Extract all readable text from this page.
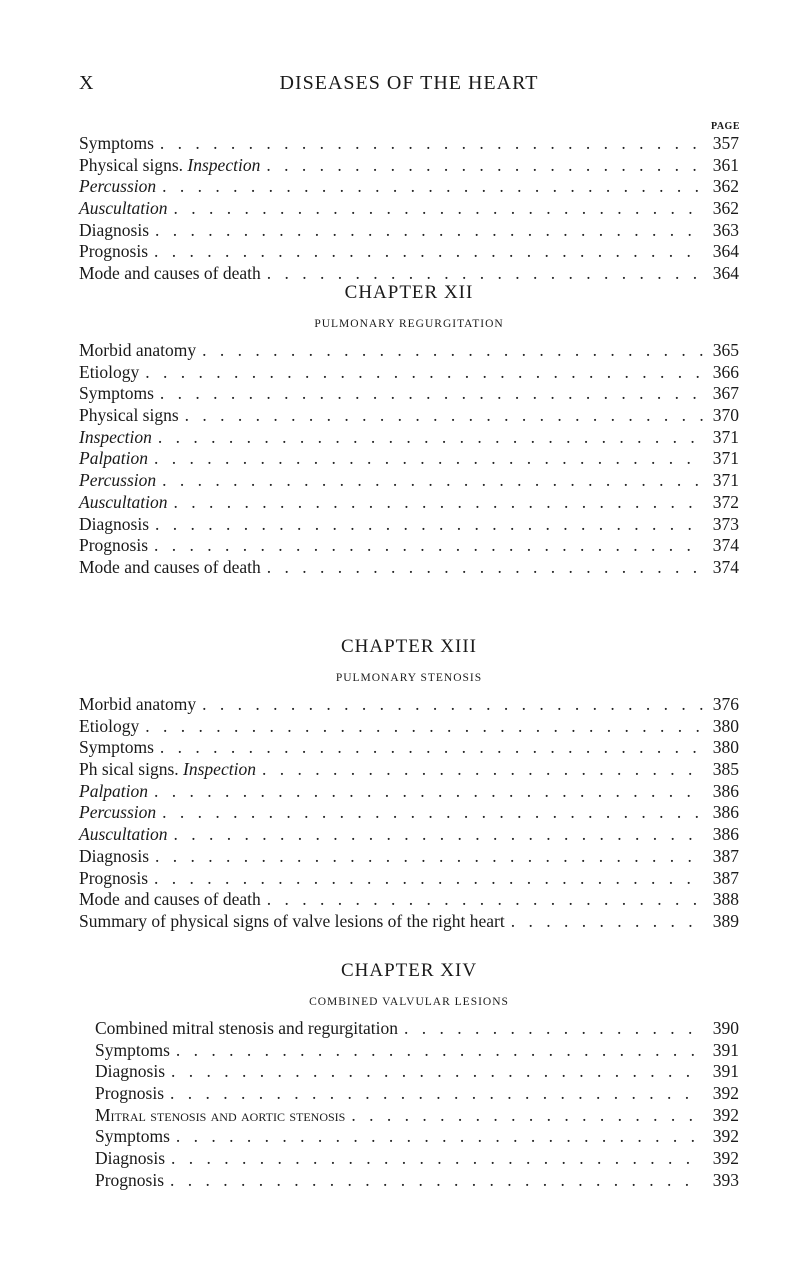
X	DISEASES OF THE HEART
PAGE
Symptoms . . .	357
Physical signs. Inspection . . .	361
Percussion . . .	362
Auscultation . . .	362
Diagnosis . . .	363
Prognosis . . .	364
Mode and causes of death . . .	364
CHAPTER XII
PULMONARY REGURGITATION
Morbid anatomy . . .	365
Etiology . . .	366
Symptoms . . .	367
Physical signs . . .	370
Inspection . . .	371
Palpation . . .	371
Percussion . . .	371
Auscultation . . .	372
Diagnosis . . .	373
Prognosis . . .	374
Mode and causes of death . . .	374
CHAPTER XIII
PULMONARY STENOSIS
Morbid anatomy . . .	376
Etiology . . .	380
Symptoms . . .	380
Ph sical signs. Inspection . . .	385
Palpation . . .	386
Percussion . . .	386
Auscultation . . .	386
Diagnosis . . .	387
Prognosis . . .	387
Mode and causes of death . . .	388
Summary of physical signs of valve lesions of the right heart . . .	389
CHAPTER XIV
COMBINED VALVULAR LESIONS
Combined mitral stenosis and regurgitation . . .	390
Symptoms . . .	391
Diagnosis . . .	391
Prognosis . . .	392
Mitral stenosis and aortic stenosis . . .	392
Symptoms . . .	392
Diagnosis . . .	392
Prognosis . . .	393
